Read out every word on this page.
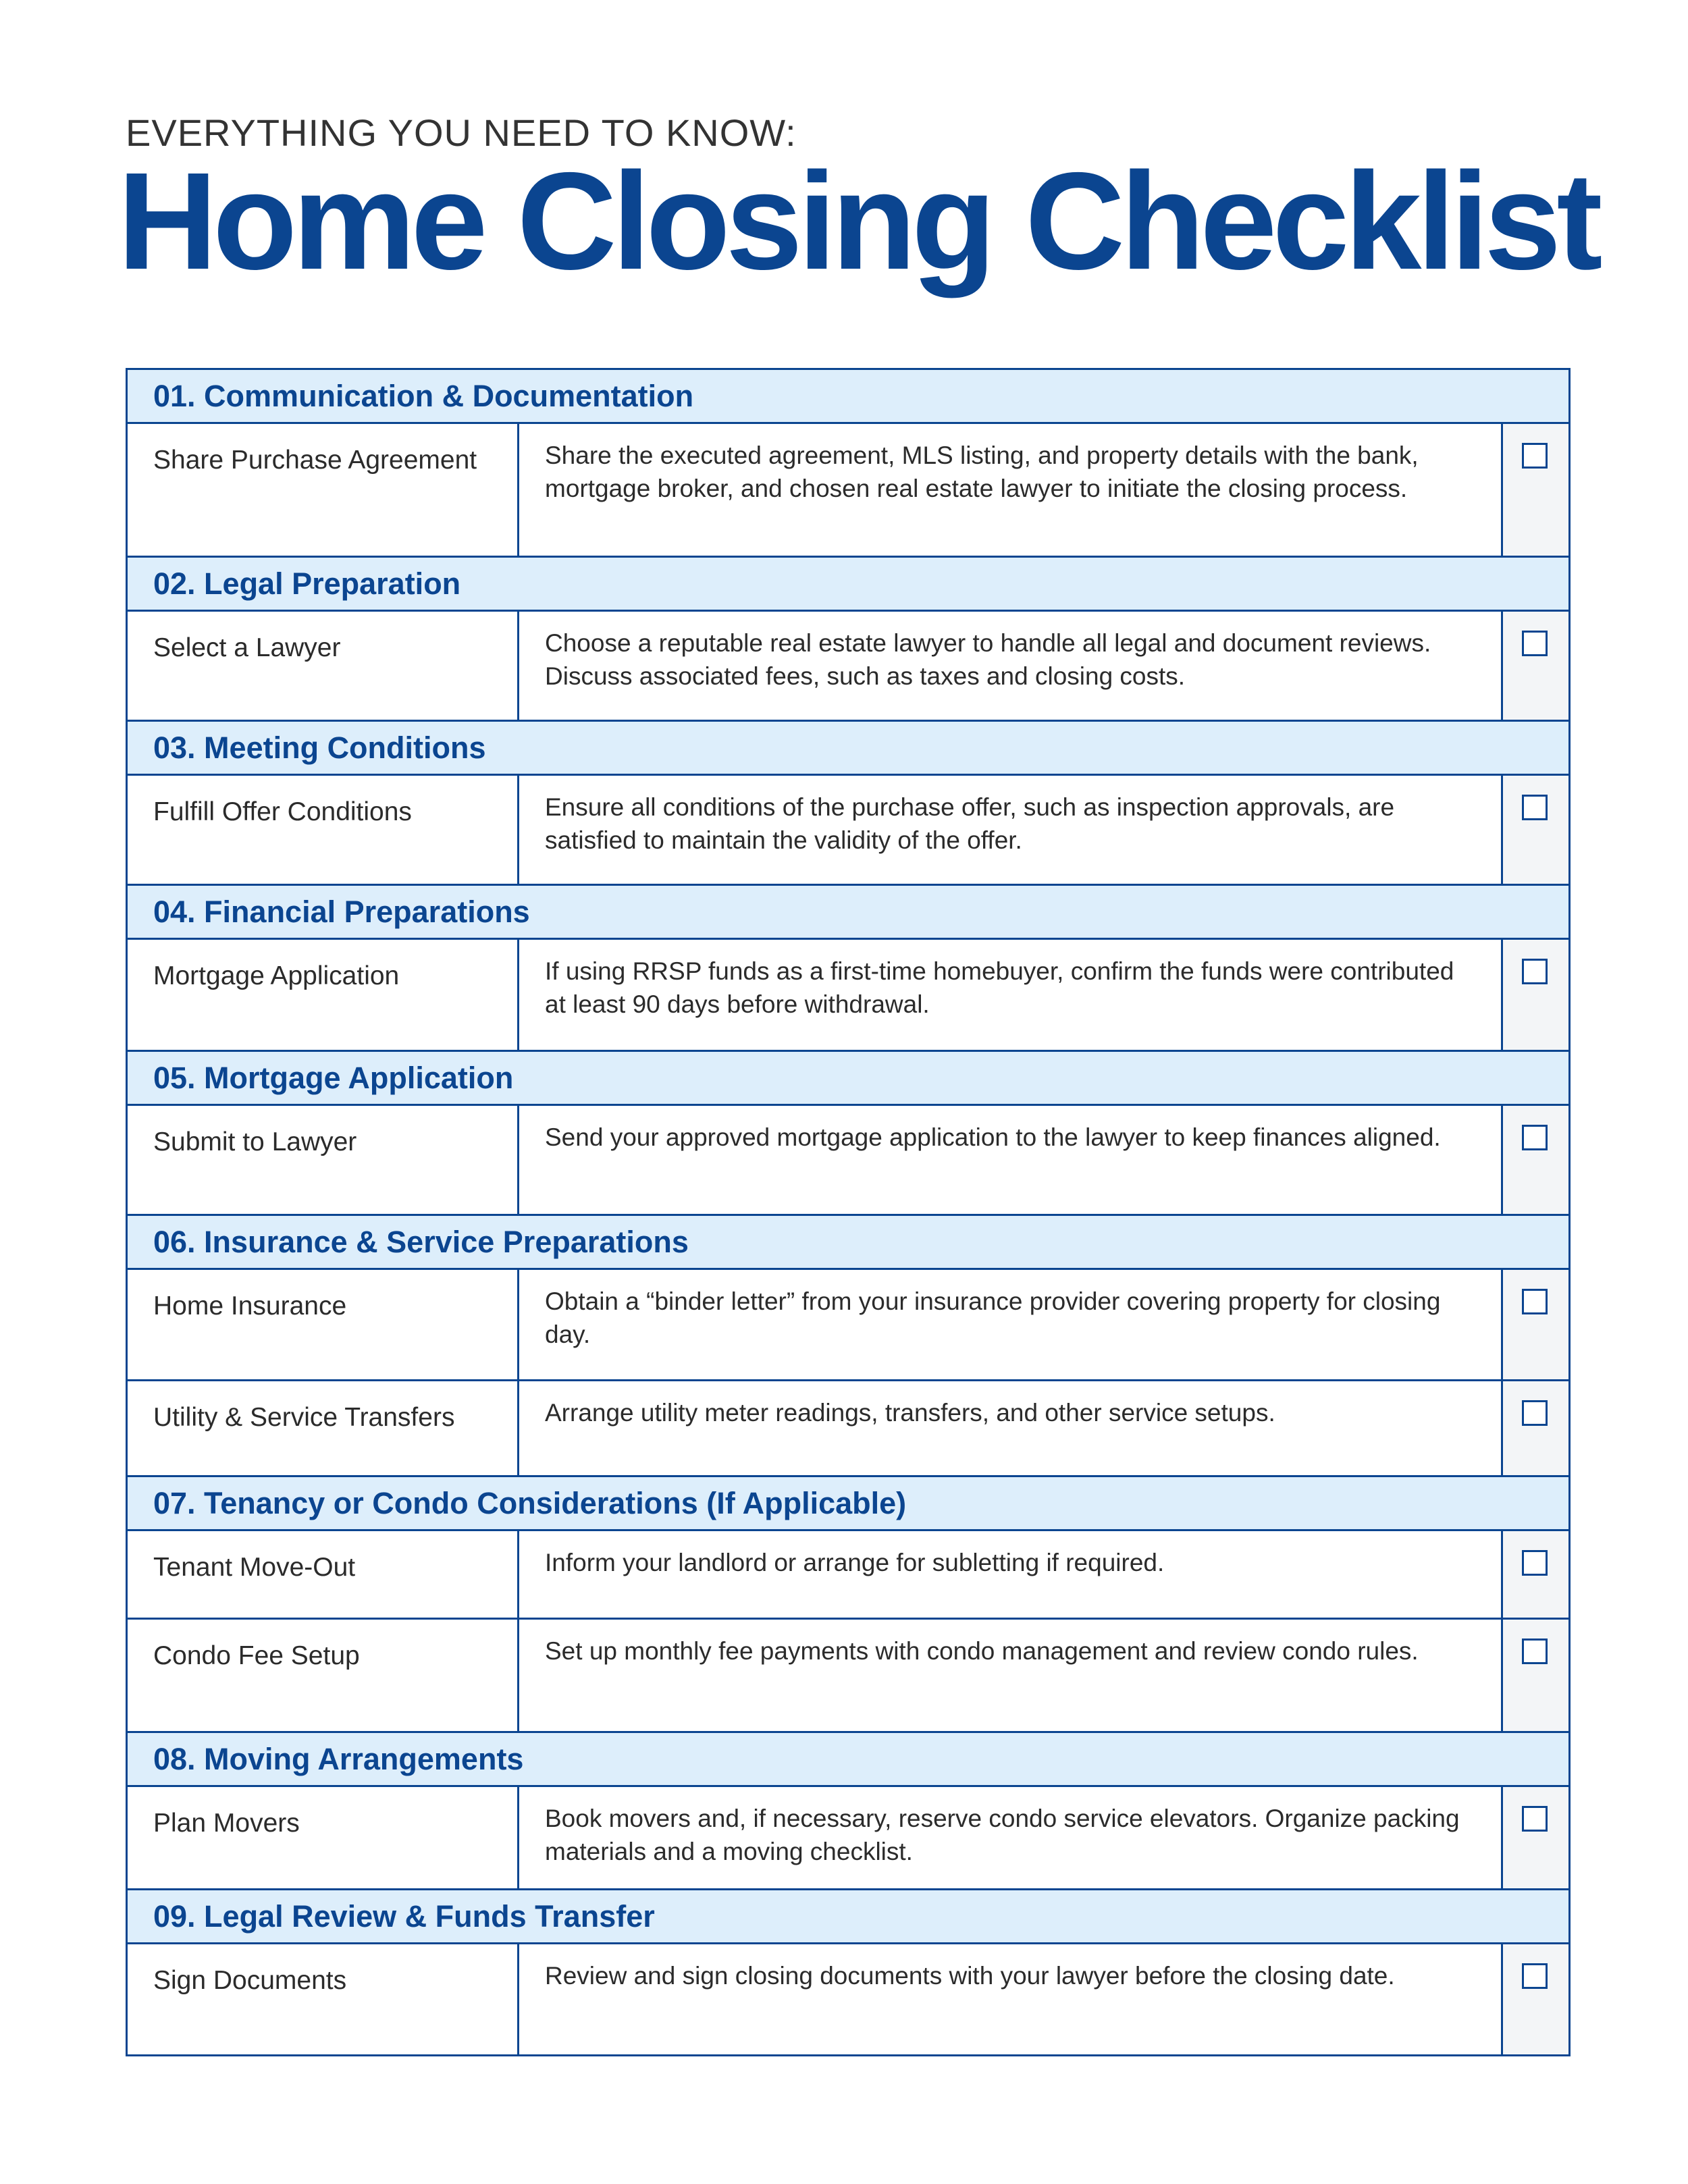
EVERYTHING YOU NEED TO KNOW:
Home Closing Checklist
01. Communication & Documentation
Share Purchase Agreement	Share the executed agreement, MLS listing, and property details with the bank, mortgage broker, and chosen real estate lawyer to initiate the closing process.
02. Legal Preparation
Select a Lawyer	Choose a reputable real estate lawyer to handle all legal and document reviews. Discuss associated fees, such as taxes and closing costs.
03. Meeting Conditions
Fulfill Offer Conditions	Ensure all conditions of the purchase offer, such as inspection approvals, are satisfied to maintain the validity of the offer.
04. Financial Preparations
Mortgage Application	If using RRSP funds as a first-time homebuyer, confirm the funds were contributed at least 90 days before withdrawal.
05. Mortgage Application
Submit to Lawyer	Send your approved mortgage application to the lawyer to keep finances aligned.
06. Insurance & Service Preparations
Home Insurance	Obtain a “binder letter” from your insurance provider covering property for closing day.
Utility & Service Transfers	Arrange utility meter readings, transfers, and other service setups.
07. Tenancy or Condo Considerations (If Applicable)
Tenant Move-Out	Inform your landlord or arrange for subletting if required.
Condo Fee Setup	Set up monthly fee payments with condo management and review condo rules.
08. Moving Arrangements
Plan Movers	Book movers and, if necessary, reserve condo service elevators. Organize packing materials and a moving checklist.
09. Legal Review & Funds Transfer
Sign Documents	Review and sign closing documents with your lawyer before the closing date.
